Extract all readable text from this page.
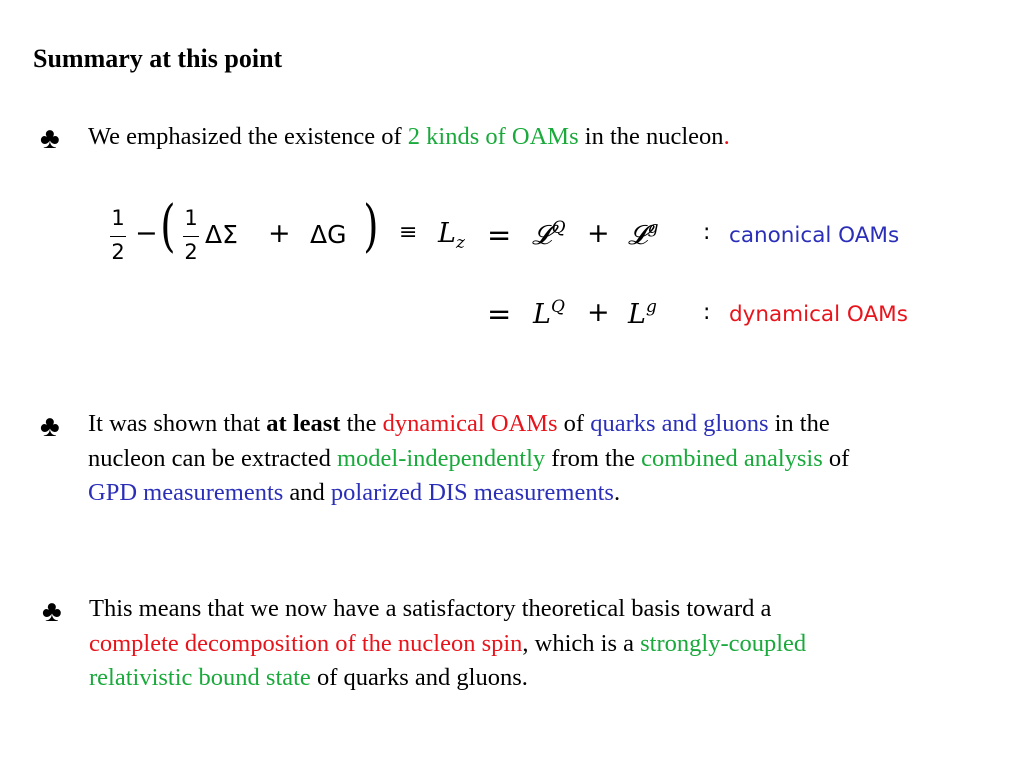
Summary at this point
♣ We emphasized the existence of 2 kinds of OAMs in the nucleon.
1
2
− ( 1
2
ΔΣ + ΔG ) ≡ $L_z$ = 𝓛$^Q$ + 𝓛$^g$ : canonical OAMs
= $L^Q + L^g$ : dynamical OAMs
♣ It was shown that at least the dynamical OAMs of quarks and gluons in the
nucleon can be extracted model-independently from the combined analysis of
GPD measurements and polarized DIS measurements.
♣ This means that we now have a satisfactory theoretical basis toward a
complete decomposition of the nucleon spin, which is a strongly-coupled
relativistic bound state of quarks and gluons.
